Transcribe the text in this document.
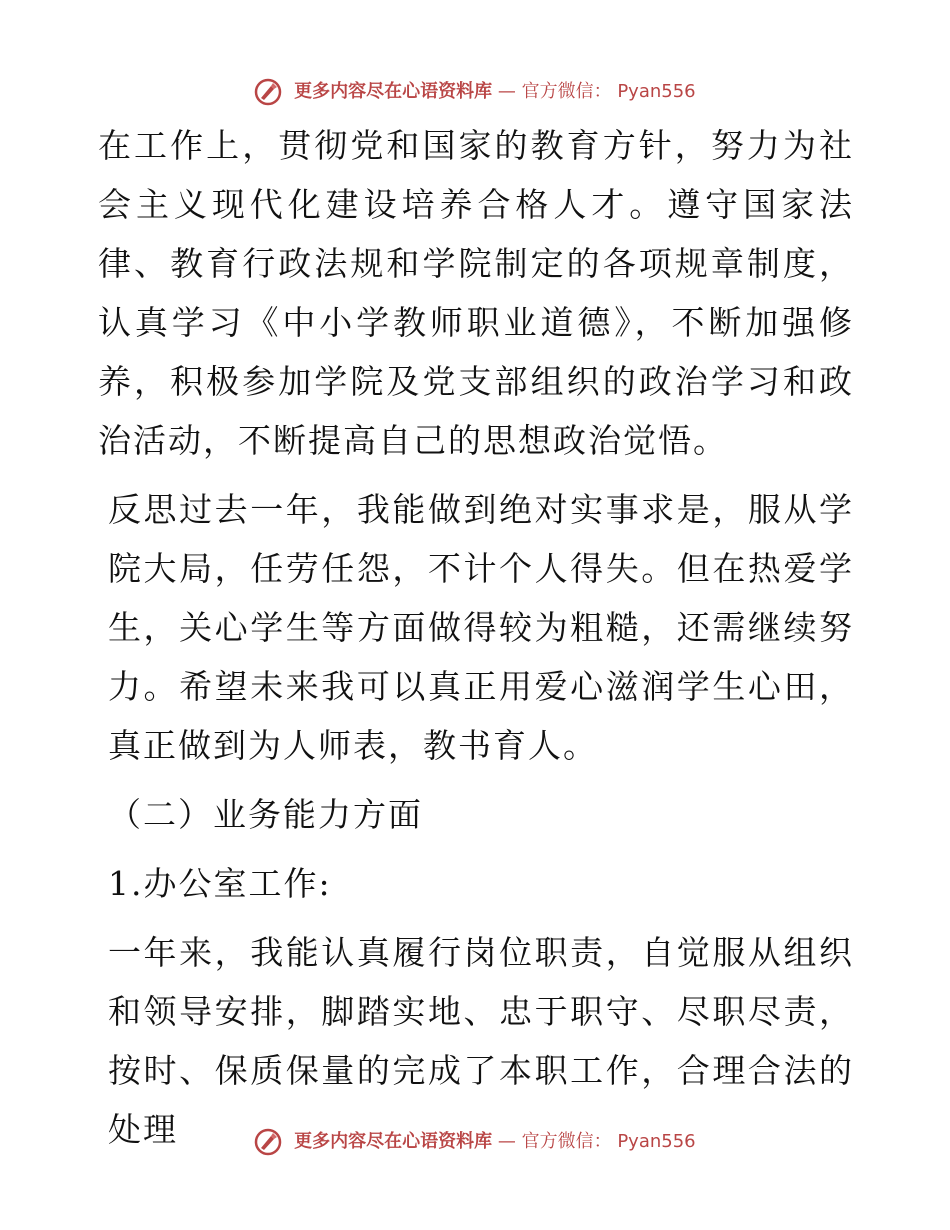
更多内容尽在心语资料库 — 官方微信： Pyan556

在工作上，贯彻党和国家的教育方针，努力为社会主义现代化建设培养合格人才。遵守国家法律、教育行政法规和学院制定的各项规章制度，认真学习《中小学教师职业道德》，不断加强修养，积极参加学院及党支部组织的政治学习和政治活动，不断提高自己的思想政治觉悟。

反思过去一年，我能做到绝对实事求是，服从学院大局，任劳任怨，不计个人得失。但在热爱学生，关心学生等方面做得较为粗糙，还需继续努力。希望未来我可以真正用爱心滋润学生心田，真正做到为人师表，教书育人。

（二）业务能力方面

1.办公室工作:

一年来，我能认真履行岗位职责，自觉服从组织和领导安排，脚踏实地、忠于职守、尽职尽责，按时、保质保量的完成了本职工作，合理合法的处理	更多内容尽在心语资料库 — 官方微信： Pyan556
